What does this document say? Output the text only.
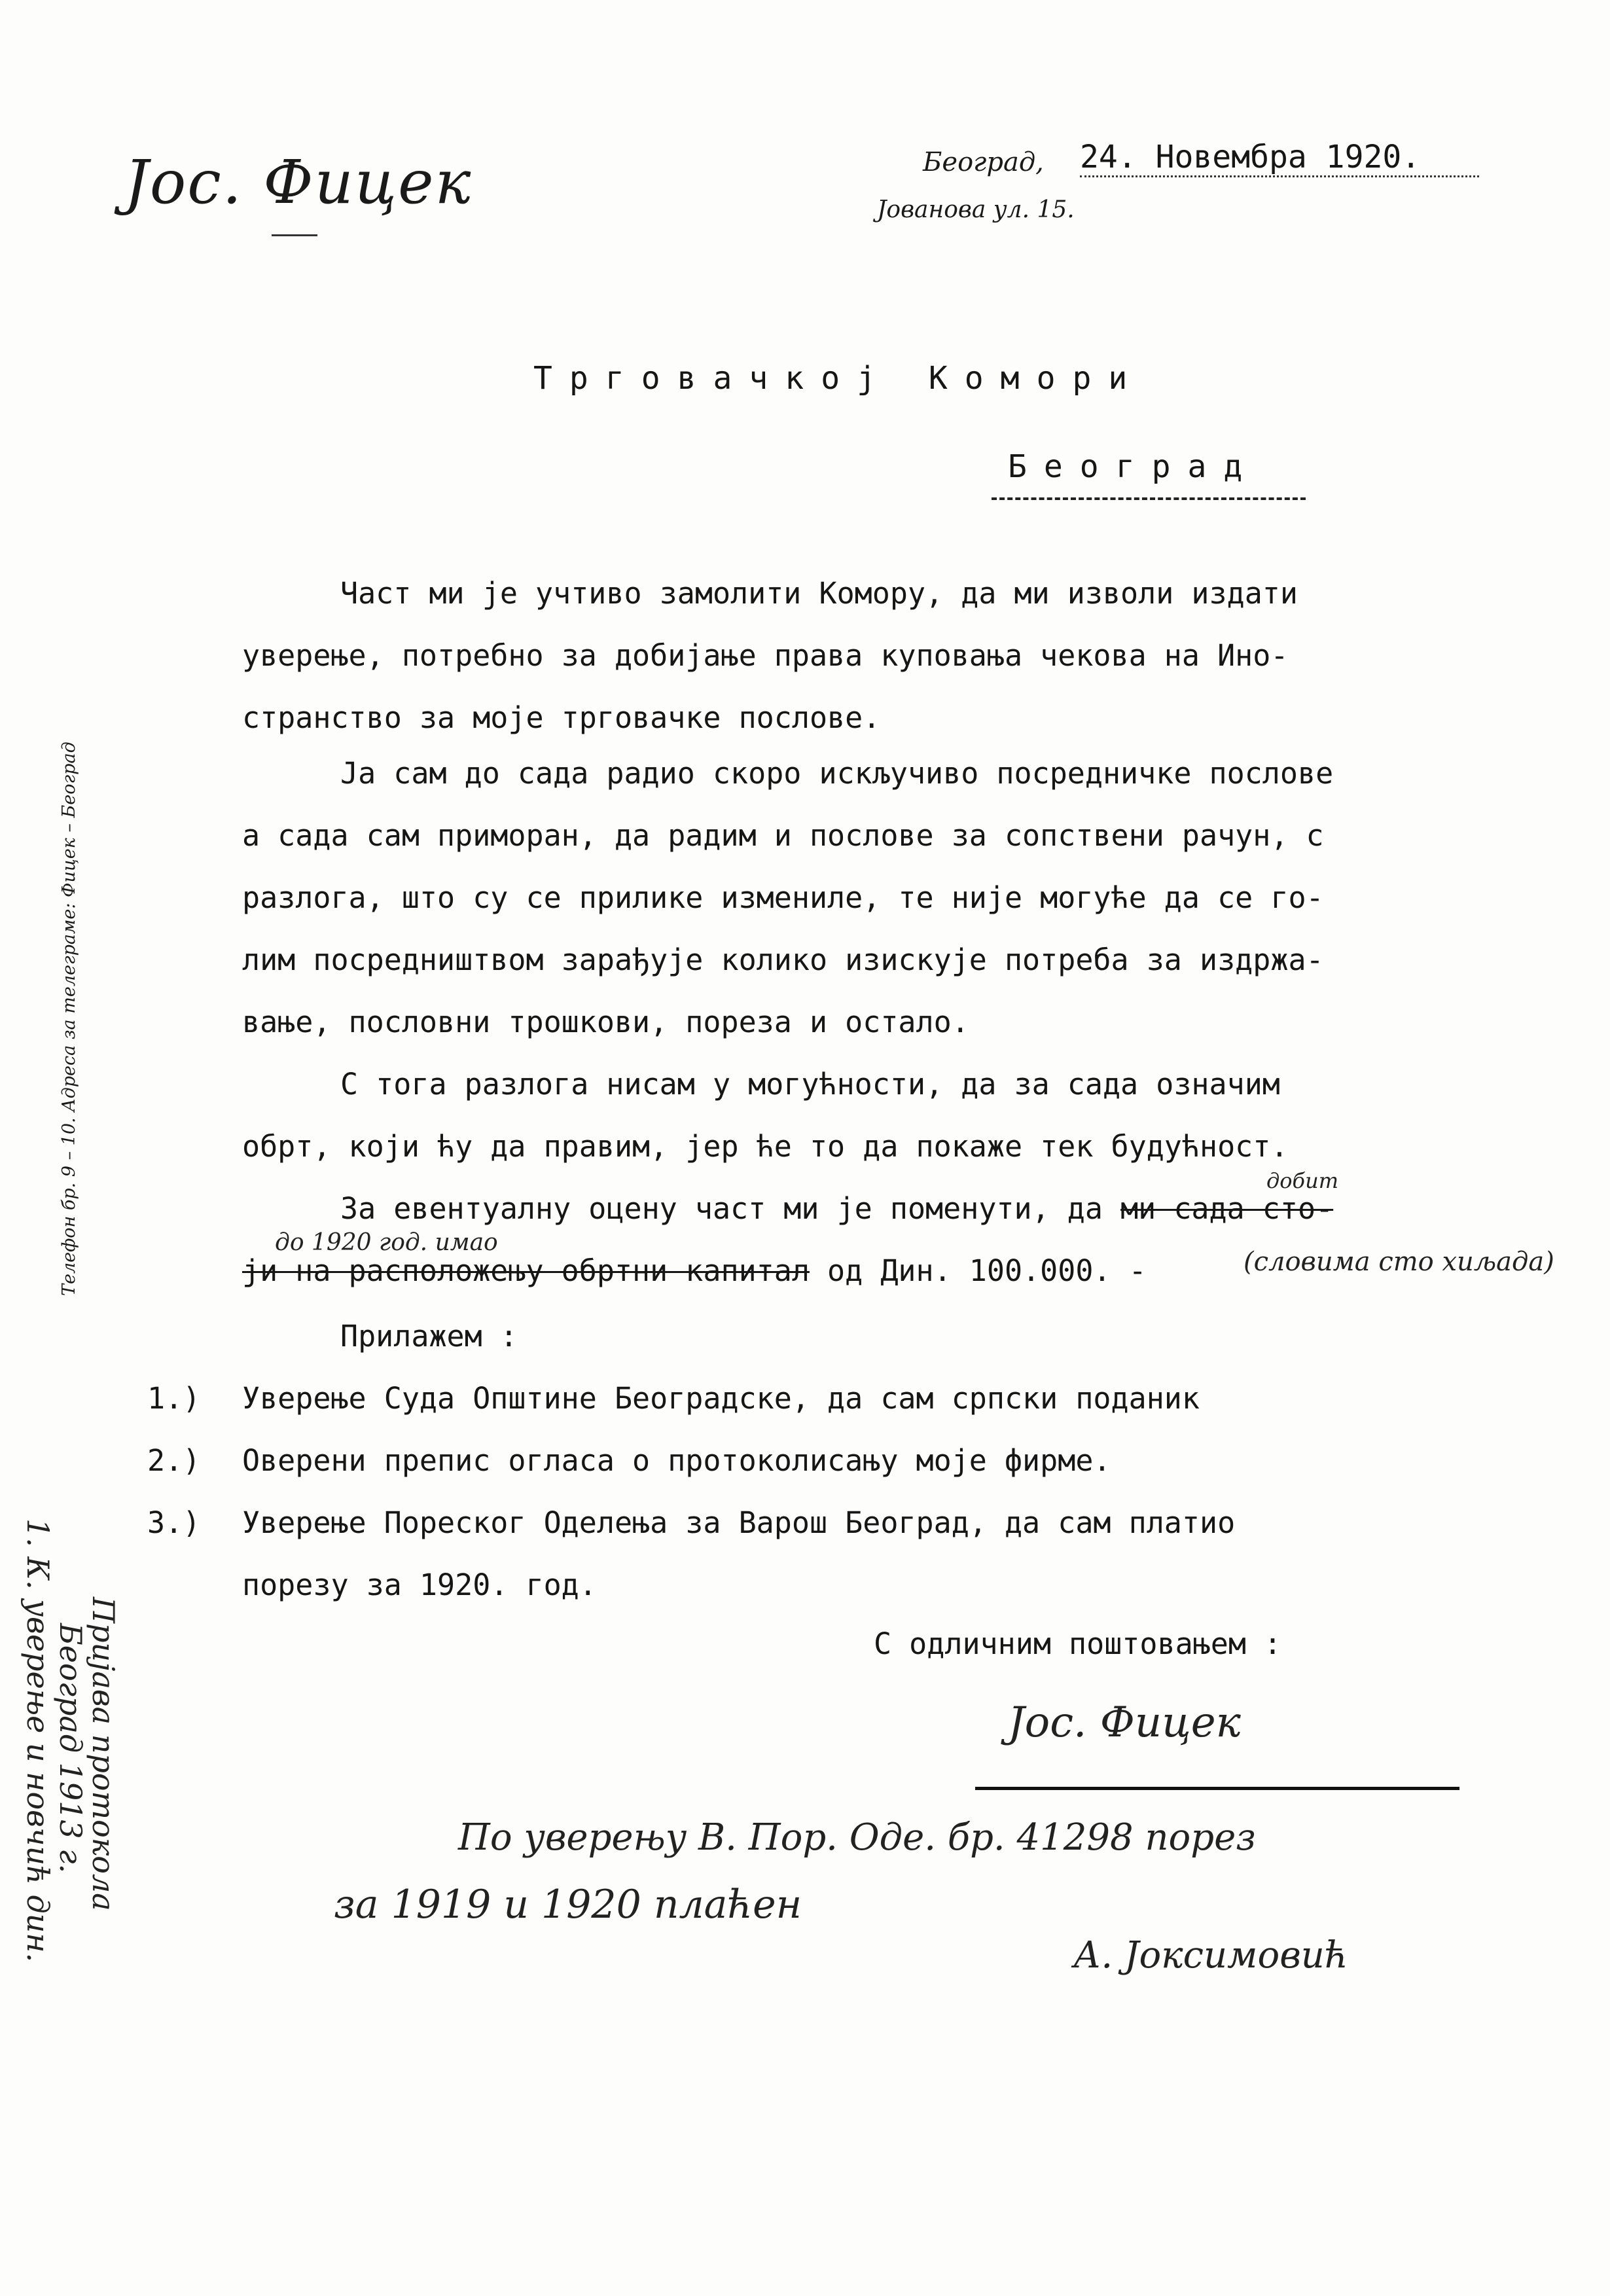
Јос. Фицек	Београд,
Јованова ул. 15.
24. Новембра 1920.
Трговачкој Комори
Београд
Част ми је учтиво замолити Комору, да ми изволи издати
уверење, потребно за добијање права куповања чекова на Ино-
странство за моје трговачке послове.
Ја сам до сада радио скоро искључиво посредничке послове
а сада сам приморан, да радим и послове за сопствени рачун, с
разлога, што су се прилике измениле, те није могуће да се го-
лим посредништвом зарађује колико изискује потреба за издржа-
вање, пословни трошкови, пореза и остало.
С тога разлога нисам у могућности, да за сада означим
обрт, који ћу да правим, јер ће то да покаже тек будућност.
За евентуалну оцену част ми је поменути, да ми сада сто-
добит
до 1920 год. имао
ји на расположењу обртни капитал од Дин. 100.000. -	(словима сто хиљада)
Прилажем :
1.) Уверење Суда Општине Београдске, да сам српски поданик
2.) Оверени препис огласа о протоколисању моје фирме.
3.) Уверење Пореског Оделења за Варош Београд, да сам платио
порезу за 1920. год.
С одличним поштовањем :
Јос. Фицек
По уверењу В. Пор. Оде. бр. 41298 порез
за 1919 и 1920 плаћен
А. Јоксимовић
Телефон бр. 9 – 10. Адреса за телеграме: Фицек – Београд
Пријава протокола
Београд 1913 г.
1. К. уверење и новчић дин.
